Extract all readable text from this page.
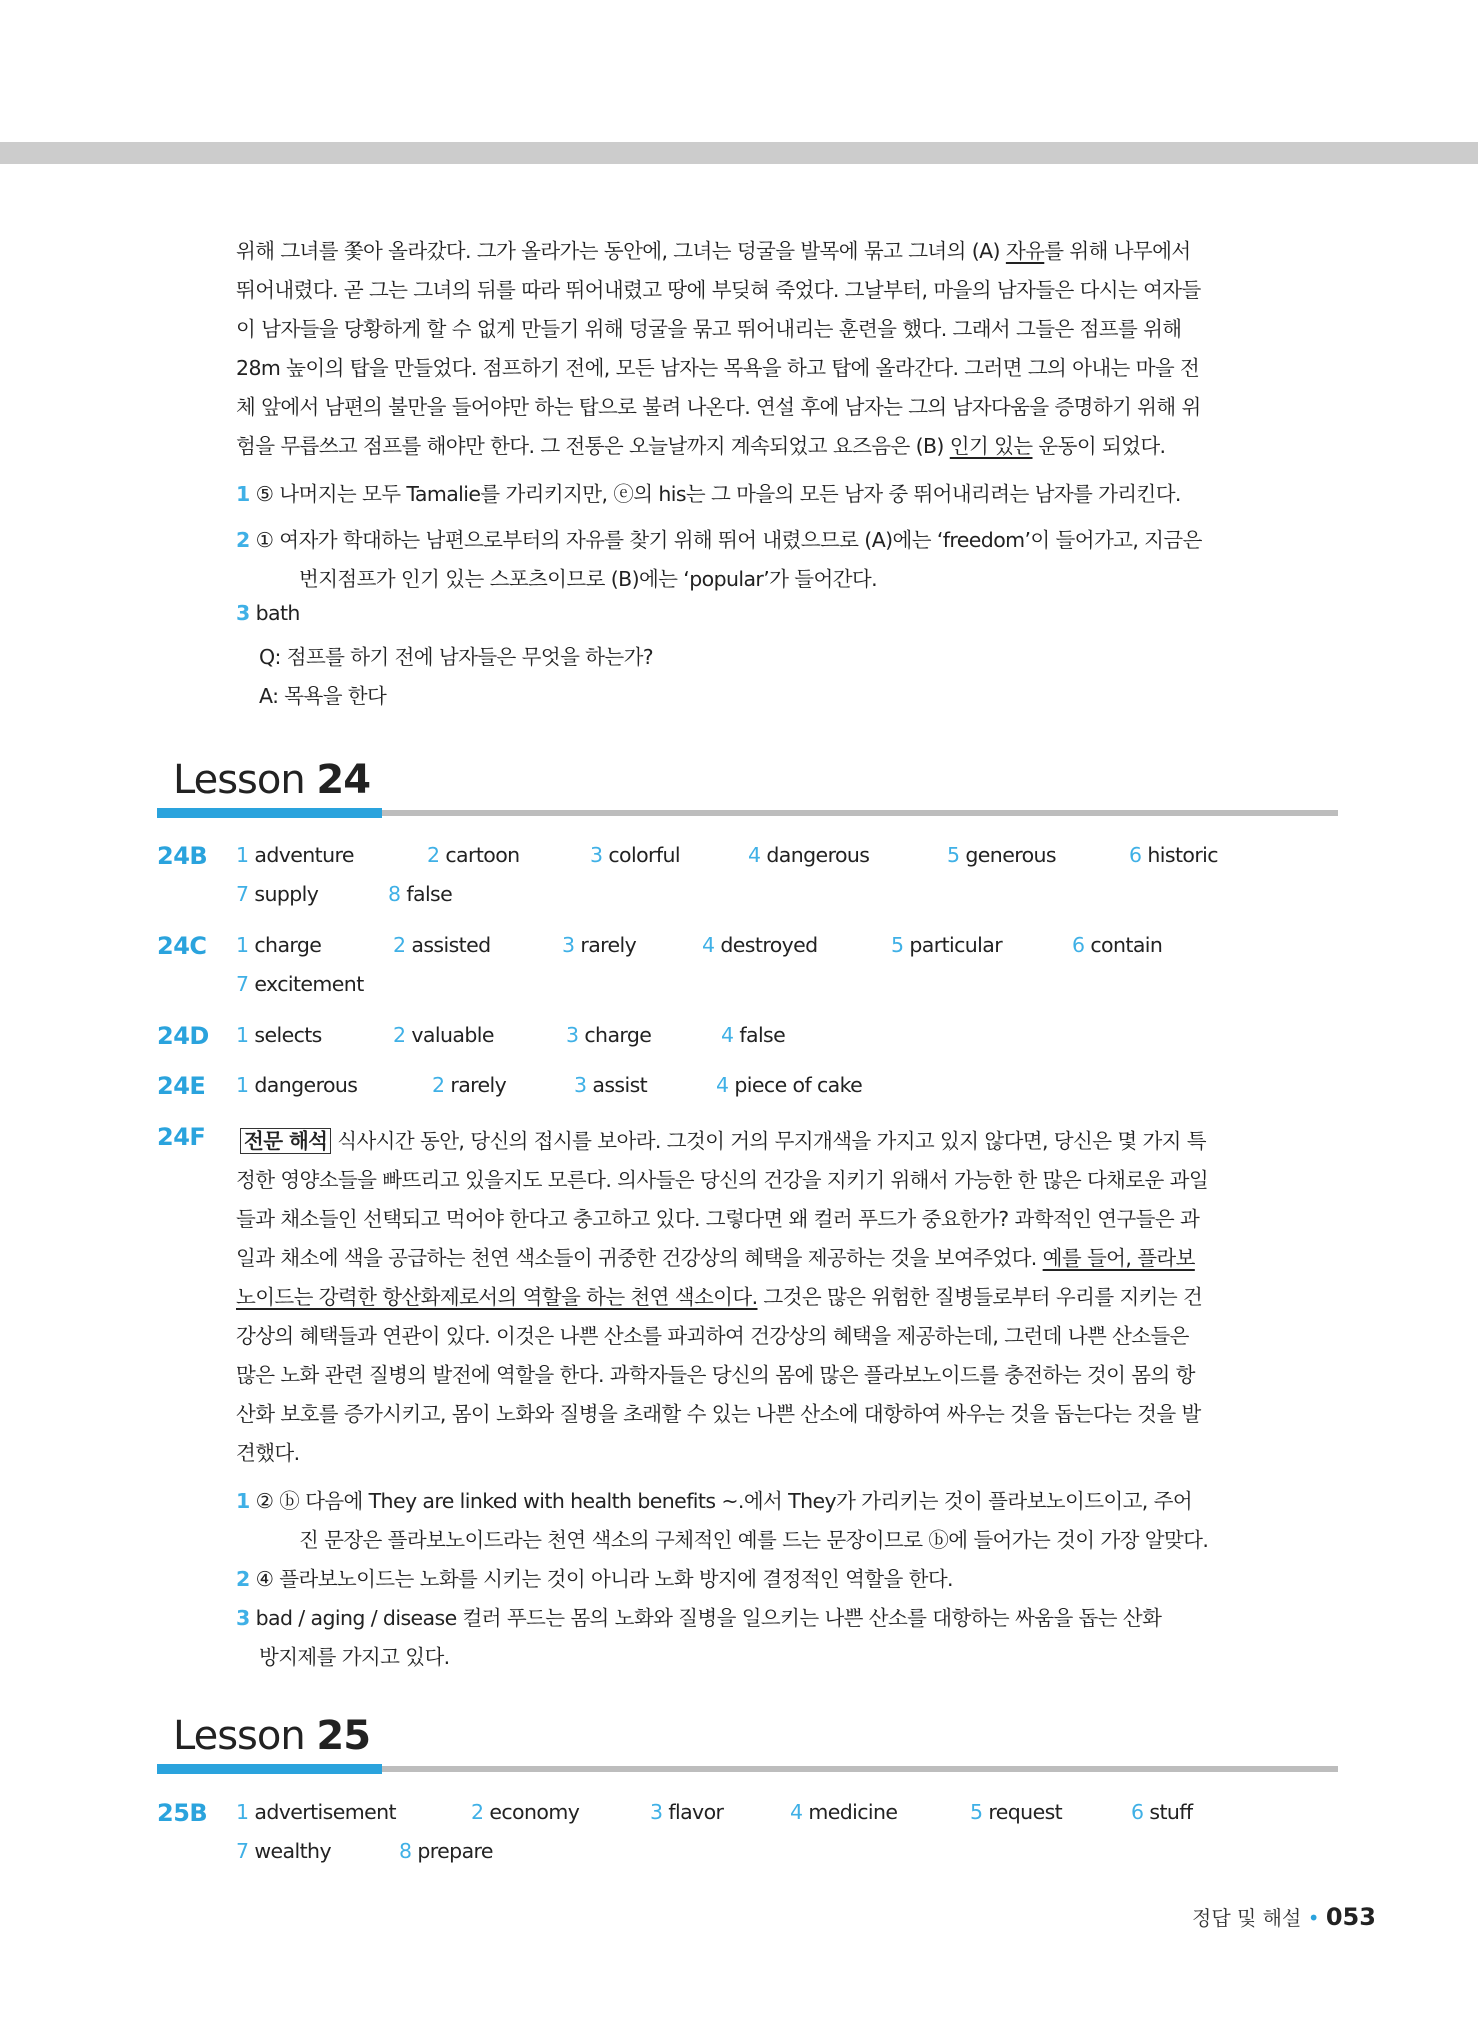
위해 그녀를 쫓아 올라갔다. 그가 올라가는 동안에, 그녀는 덩굴을 발목에 묶고 그녀의 (A) 자유를 위해 나무에서
뛰어내렸다. 곧 그는 그녀의 뒤를 따라 뛰어내렸고 땅에 부딪혀 죽었다. 그날부터, 마을의 남자들은 다시는 여자들
이 남자들을 당황하게 할 수 없게 만들기 위해 덩굴을 묶고 뛰어내리는 훈련을 했다. 그래서 그들은 점프를 위해
28m 높이의 탑을 만들었다. 점프하기 전에, 모든 남자는 목욕을 하고 탑에 올라간다. 그러면 그의 아내는 마을 전
체 앞에서 남편의 불만을 들어야만 하는 탑으로 불려 나온다. 연설 후에 남자는 그의 남자다움을 증명하기 위해 위
험을 무릅쓰고 점프를 해야만 한다. 그 전통은 오늘날까지 계속되었고 요즈음은 (B) 인기 있는 운동이 되었다.
1 ⑤ 나머지는 모두 Tamalie를 가리키지만, ⓔ의 his는 그 마을의 모든 남자 중 뛰어내리려는 남자를 가리킨다.
2 ① 여자가 학대하는 남편으로부터의 자유를 찾기 위해 뛰어 내렸으므로 (A)에는 ‘freedom’이 들어가고, 지금은
번지점프가 인기 있는 스포츠이므로 (B)에는 ‘popular’가 들어간다.
3 bath
Q: 점프를 하기 전에 남자들은 무엇을 하는가?
A: 목욕을 한다
Lesson 24
24B 1 adventure	2 cartoon	3 colorful	4 dangerous	5 generous	6 historic
7 supply	8 false
24C 1 charge	2 assisted	3 rarely	4 destroyed	5 particular	6 contain
7 excitement
24D 1 selects	2 valuable	3 charge	4 false
24E 1 dangerous	2 rarely	3 assist	4 piece of cake
24F 전문 해석 식사시간 동안, 당신의 접시를 보아라. 그것이 거의 무지개색을 가지고 있지 않다면, 당신은 몇 가지 특
정한 영양소들을 빠뜨리고 있을지도 모른다. 의사들은 당신의 건강을 지키기 위해서 가능한 한 많은 다채로운 과일
들과 채소들인 선택되고 먹어야 한다고 충고하고 있다. 그렇다면 왜 컬러 푸드가 중요한가? 과학적인 연구들은 과
일과 채소에 색을 공급하는 천연 색소들이 귀중한 건강상의 혜택을 제공하는 것을 보여주었다. 예를 들어, 플라보
노이드는 강력한 항산화제로서의 역할을 하는 천연 색소이다. 그것은 많은 위험한 질병들로부터 우리를 지키는 건
강상의 혜택들과 연관이 있다. 이것은 나쁜 산소를 파괴하여 건강상의 혜택을 제공하는데, 그런데 나쁜 산소들은
많은 노화 관련 질병의 발전에 역할을 한다. 과학자들은 당신의 몸에 많은 플라보노이드를 충전하는 것이 몸의 항
산화 보호를 증가시키고, 몸이 노화와 질병을 초래할 수 있는 나쁜 산소에 대항하여 싸우는 것을 돕는다는 것을 발
견했다.
1 ② ⓑ 다음에 They are linked with health benefits ~.에서 They가 가리키는 것이 플라보노이드이고, 주어
진 문장은 플라보노이드라는 천연 색소의 구체적인 예를 드는 문장이므로 ⓑ에 들어가는 것이 가장 알맞다.
2 ④ 플라보노이드는 노화를 시키는 것이 아니라 노화 방지에 결정적인 역할을 한다.
3 bad / aging / disease 컬러 푸드는 몸의 노화와 질병을 일으키는 나쁜 산소를 대항하는 싸움을 돕는 산화
방지제를 가지고 있다.
Lesson 25
25B 1 advertisement	2 economy	3 flavor	4 medicine	5 request	6 stuff
7 wealthy	8 prepare
정답 및 해설 • 053
